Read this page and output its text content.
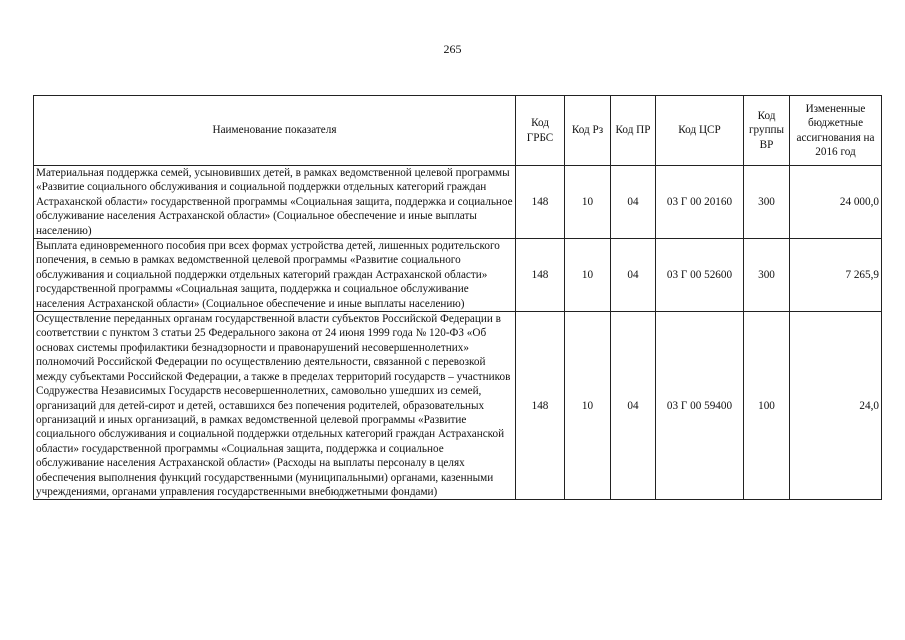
265
Наименование показателя	Код ГРБС	Код Рз	Код ПР	Код ЦСР	Код группы ВР	Измененные бюджетные ассигнования на 2016 год
Материальная поддержка семей, усыновивших детей, в рамках ведомственной целевой программы «Развитие социального обслуживания и социальной поддержки отдельных категорий граждан Астраханской области» государственной программы «Социальная защита, поддержка и социальное обслуживание населения Астраханской области» (Социальное обеспечение и иные выплаты населению)	148	10	04	03 Г 00 20160	300	24 000,0
Выплата единовременного пособия при всех формах устройства детей, лишенных родительского попечения, в семью в рамках ведомственной целевой программы «Развитие социального обслуживания и социальной поддержки отдельных категорий граждан Астраханской области» государственной программы «Социальная защита, поддержка и социальное обслуживание населения Астраханской области» (Социальное обеспечение и иные выплаты населению)	148	10	04	03 Г 00 52600	300	7 265,9
Осуществление переданных органам государственной власти субъектов Российской Федерации в соответствии с пунктом 3 статьи 25 Федерального закона от 24 июня 1999 года № 120-ФЗ «Об основах системы профилактики безнадзорности и правонарушений несовершеннолетних» полномочий Российской Федерации по осуществлению деятельности, связанной с перевозкой между субъектами Российской Федерации, а также в пределах территорий государств – участников Содружества Независимых Государств несовершеннолетних, самовольно ушедших из семей, организаций для детей-сирот и детей, оставшихся без попечения родителей, образовательных организаций и иных организаций, в рамках ведомственной целевой программы «Развитие социального обслуживания и социальной поддержки отдельных категорий граждан Астраханской области» государственной программы «Социальная защита, поддержка и социальное обслуживание населения Астраханской области» (Расходы на выплаты персоналу в целях обеспечения выполнения функций государственными (муниципальными) органами, казенными учреждениями, органами управления государственными внебюджетными фондами)	148	10	04	03 Г 00 59400	100	24,0
